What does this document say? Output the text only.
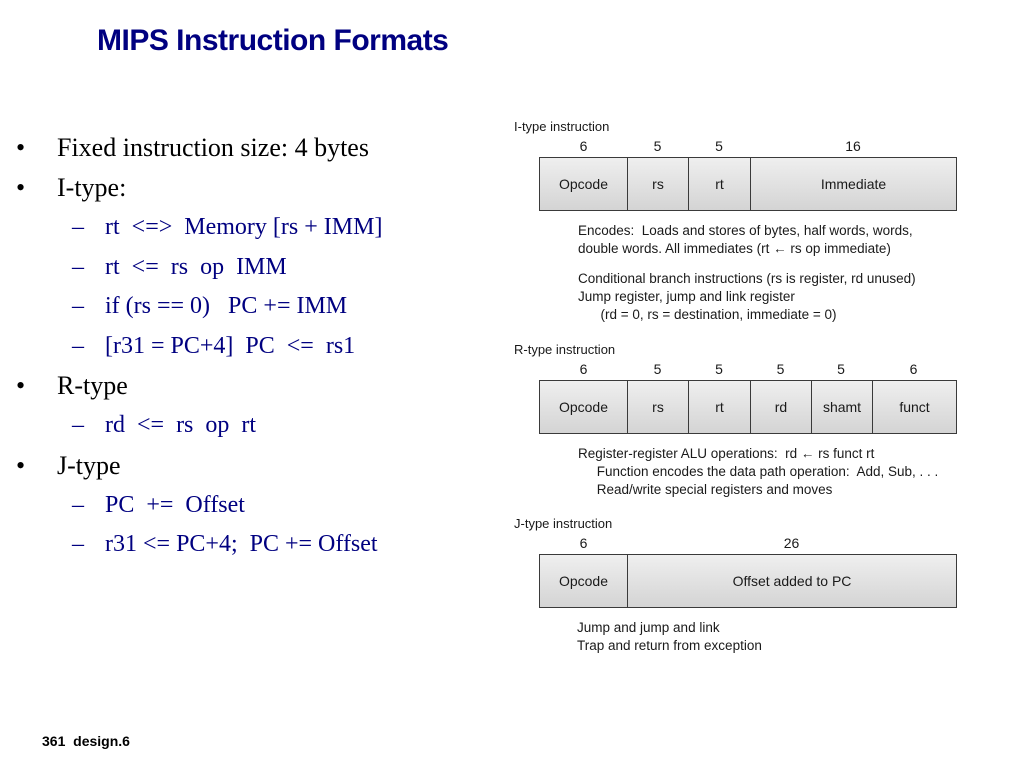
MIPS Instruction Formats
• Fixed instruction size: 4 bytes
• I-type:
– rt  <=>  Memory [rs + IMM]
– rt  <=  rs  op  IMM
– if (rs == 0)   PC += IMM
– [r31 = PC+4]  PC  <=  rs1
• R-type
– rd  <=  rs  op  rt
• J-type
– PC  +=  Offset
– r31 <= PC+4;  PC += Offset
I-type instruction
6	5	5	16
Opcode	rs	rt	Immediate
Encodes:  Loads and stores of bytes, half words, words,
double words. All immediates (rt ← rs op immediate)
Conditional branch instructions (rs is register, rd unused)
Jump register, jump and link register
(rd = 0, rs = destination, immediate = 0)
R-type instruction
6	5	5	5	5	6
Opcode	rs	rt	rd	shamt	funct
Register-register ALU operations:  rd ← rs funct rt
Function encodes the data path operation:  Add, Sub, . . .
Read/write special registers and moves
J-type instruction
6	26
Opcode	Offset added to PC
Jump and jump and link
Trap and return from exception
361 design.6
